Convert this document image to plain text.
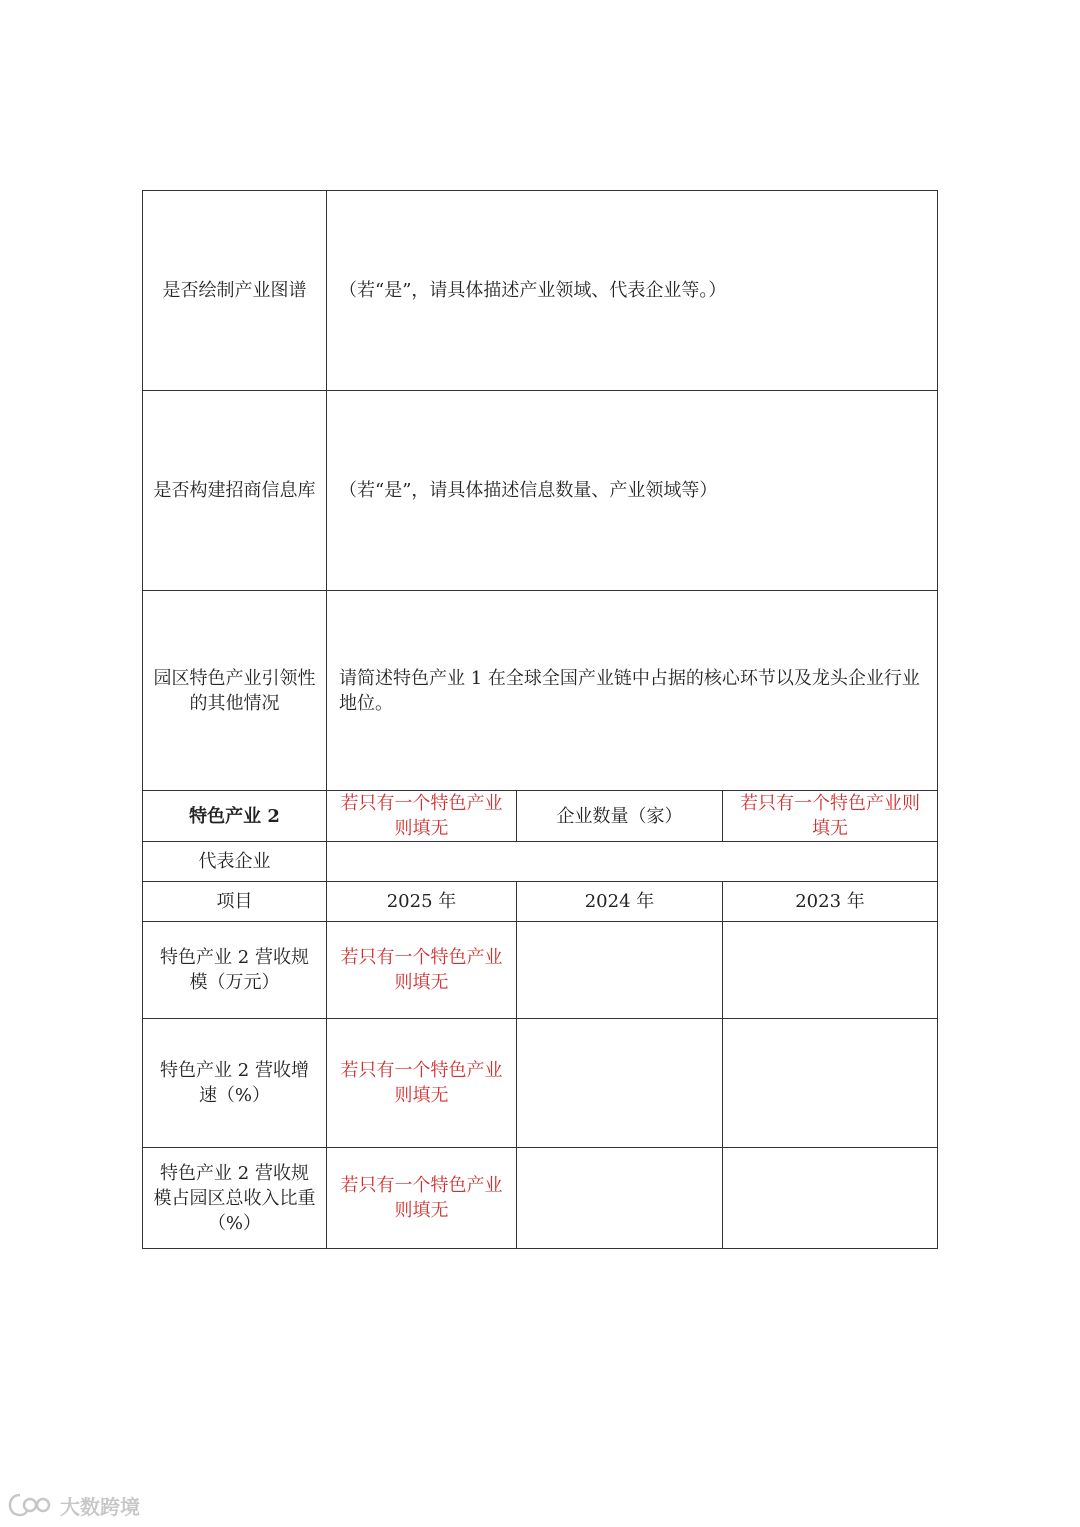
是否绘制产业图谱	（若“是”，请具体描述产业领域、代表企业等。）		
是否构建招商信息库	（若“是”，请具体描述信息数量、产业领域等）		
园区特色产业引领性的其他情况	请简述特色产业 1 在全球全国产业链中占据的核心环节以及龙头企业行业地位。		
特色产业 2	若只有一个特色产业则填无	企业数量（家）	若只有一个特色产业则填无
代表企业			
项目	2025 年	2024 年	2023 年
特色产业 2 营收规模（万元）	若只有一个特色产业则填无		
特色产业 2 营收增速（%）	若只有一个特色产业则填无		
特色产业 2 营收规模占园区总收入比重（%）	若只有一个特色产业则填无		
大数跨境
